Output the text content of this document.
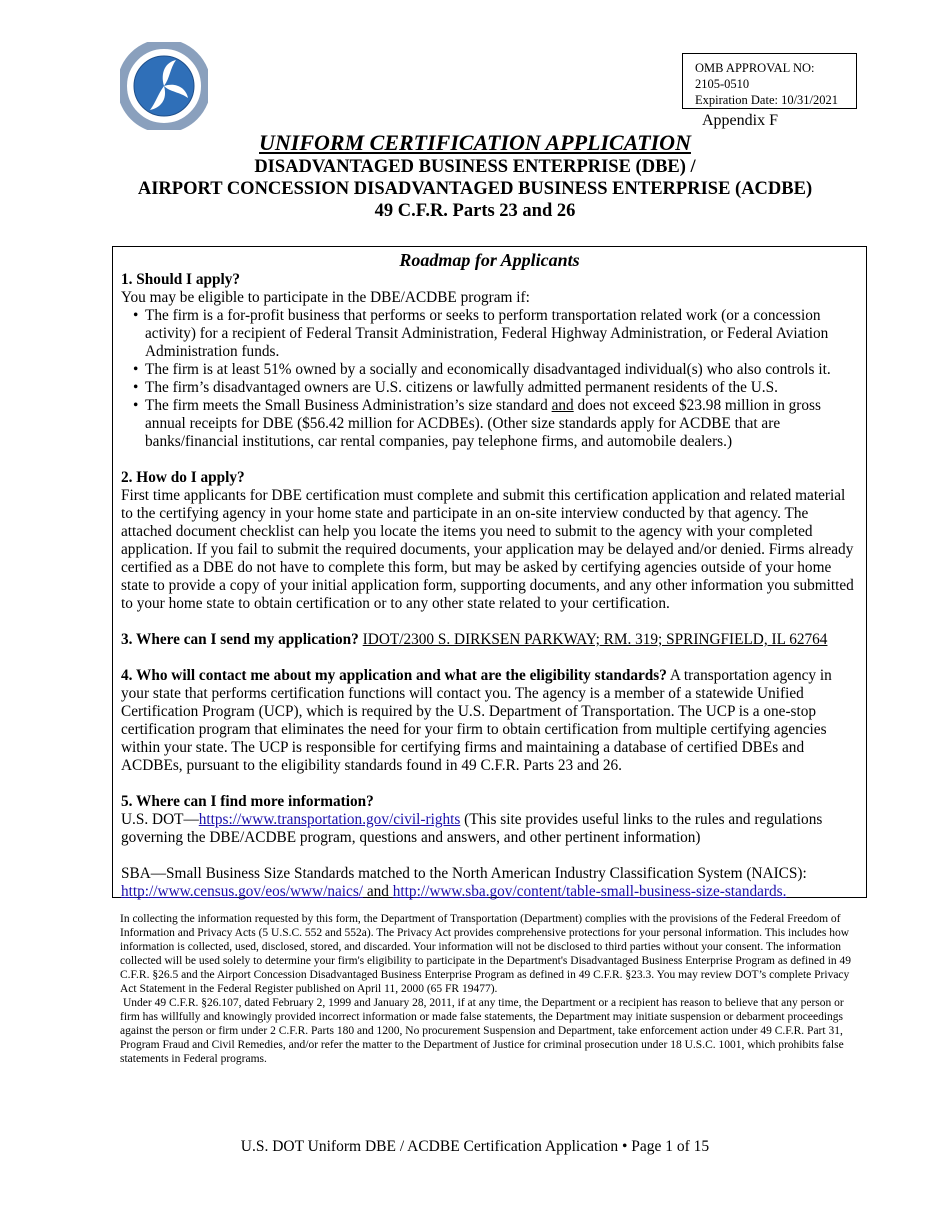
OMB APPROVAL NO:
2105-0510
Expiration Date: 10/31/2021
Appendix F
UNIFORM CERTIFICATION APPLICATION
DISADVANTAGED BUSINESS ENTERPRISE (DBE) /
AIRPORT CONCESSION DISADVANTAGED BUSINESS ENTERPRISE (ACDBE)
49 C.F.R. Parts 23 and 26
Roadmap for Applicants

1. Should I apply?

You may be eligible to participate in the DBE/ACDBE program if:

• The firm is a for-profit business that performs or seeks to perform transportation related work (or a concession activity) for a recipient of Federal Transit Administration, Federal Highway Administration, or Federal Aviation Administration funds.
• The firm is at least 51% owned by a socially and economically disadvantaged individual(s) who also controls it.
• The firm’s disadvantaged owners are U.S. citizens or lawfully admitted permanent residents of the U.S.
• The firm meets the Small Business Administration’s size standard and does not exceed $23.98 million in gross annual receipts for DBE ($56.42 million for ACDBEs). (Other size standards apply for ACDBE that are banks/financial institutions, car rental companies, pay telephone firms, and automobile dealers.)

2. How do I apply?

First time applicants for DBE certification must complete and submit this certification application and related material to the certifying agency in your home state and participate in an on-site interview conducted by that agency. The attached document checklist can help you locate the items you need to submit to the agency with your completed application. If you fail to submit the required documents, your application may be delayed and/or denied. Firms already certified as a DBE do not have to complete this form, but may be asked by certifying agencies outside of your home state to provide a copy of your initial application form, supporting documents, and any other information you submitted to your home state to obtain certification or to any other state related to your certification.

3. Where can I send my application? IDOT/2300 S. DIRKSEN PARKWAY; RM. 319; SPRINGFIELD, IL 62764

4. Who will contact me about my application and what are the eligibility standards? A transportation agency in your state that performs certification functions will contact you. The agency is a member of a statewide Unified Certification Program (UCP), which is required by the U.S. Department of Transportation. The UCP is a one-stop certification program that eliminates the need for your firm to obtain certification from multiple certifying agencies within your state. The UCP is responsible for certifying firms and maintaining a database of certified DBEs and ACDBEs, pursuant to the eligibility standards found in 49 C.F.R. Parts 23 and 26.

5. Where can I find more information?

U.S. DOT—https://www.transportation.gov/civil-rights (This site provides useful links to the rules and regulations governing the DBE/ACDBE program, questions and answers, and other pertinent information)

SBA—Small Business Size Standards matched to the North American Industry Classification System (NAICS):
http://www.census.gov/eos/www/naics/ and http://www.sba.gov/content/table-small-business-size-standards.

In collecting the information requested by this form, the Department of Transportation (Department) complies with the provisions of the Federal Freedom of Information and Privacy Acts (5 U.S.C. 552 and 552a). The Privacy Act provides comprehensive protections for your personal information. This includes how information is collected, used, disclosed, stored, and discarded. Your information will not be disclosed to third parties without your consent. The information collected will be used solely to determine your firm's eligibility to participate in the Department's Disadvantaged Business Enterprise Program as defined in 49 C.F.R. §26.5 and the Airport Concession Disadvantaged Business Enterprise Program as defined in 49 C.F.R. §23.3. You may review DOT’s complete Privacy Act Statement in the Federal Register published on April 11, 2000 (65 FR 19477).

Under 49 C.F.R. §26.107, dated February 2, 1999 and January 28, 2011, if at any time, the Department or a recipient has reason to believe that any person or firm has willfully and knowingly provided incorrect information or made false statements, the Department may initiate suspension or debarment proceedings against the person or firm under 2 C.F.R. Parts 180 and 1200, No procurement Suspension and Department, take enforcement action under 49 C.F.R. Part 31, Program Fraud and Civil Remedies, and/or refer the matter to the Department of Justice for criminal prosecution under 18 U.S.C. 1001, which prohibits false statements in Federal programs.

U.S. DOT Uniform DBE / ACDBE Certification Application • Page 1 of 15
